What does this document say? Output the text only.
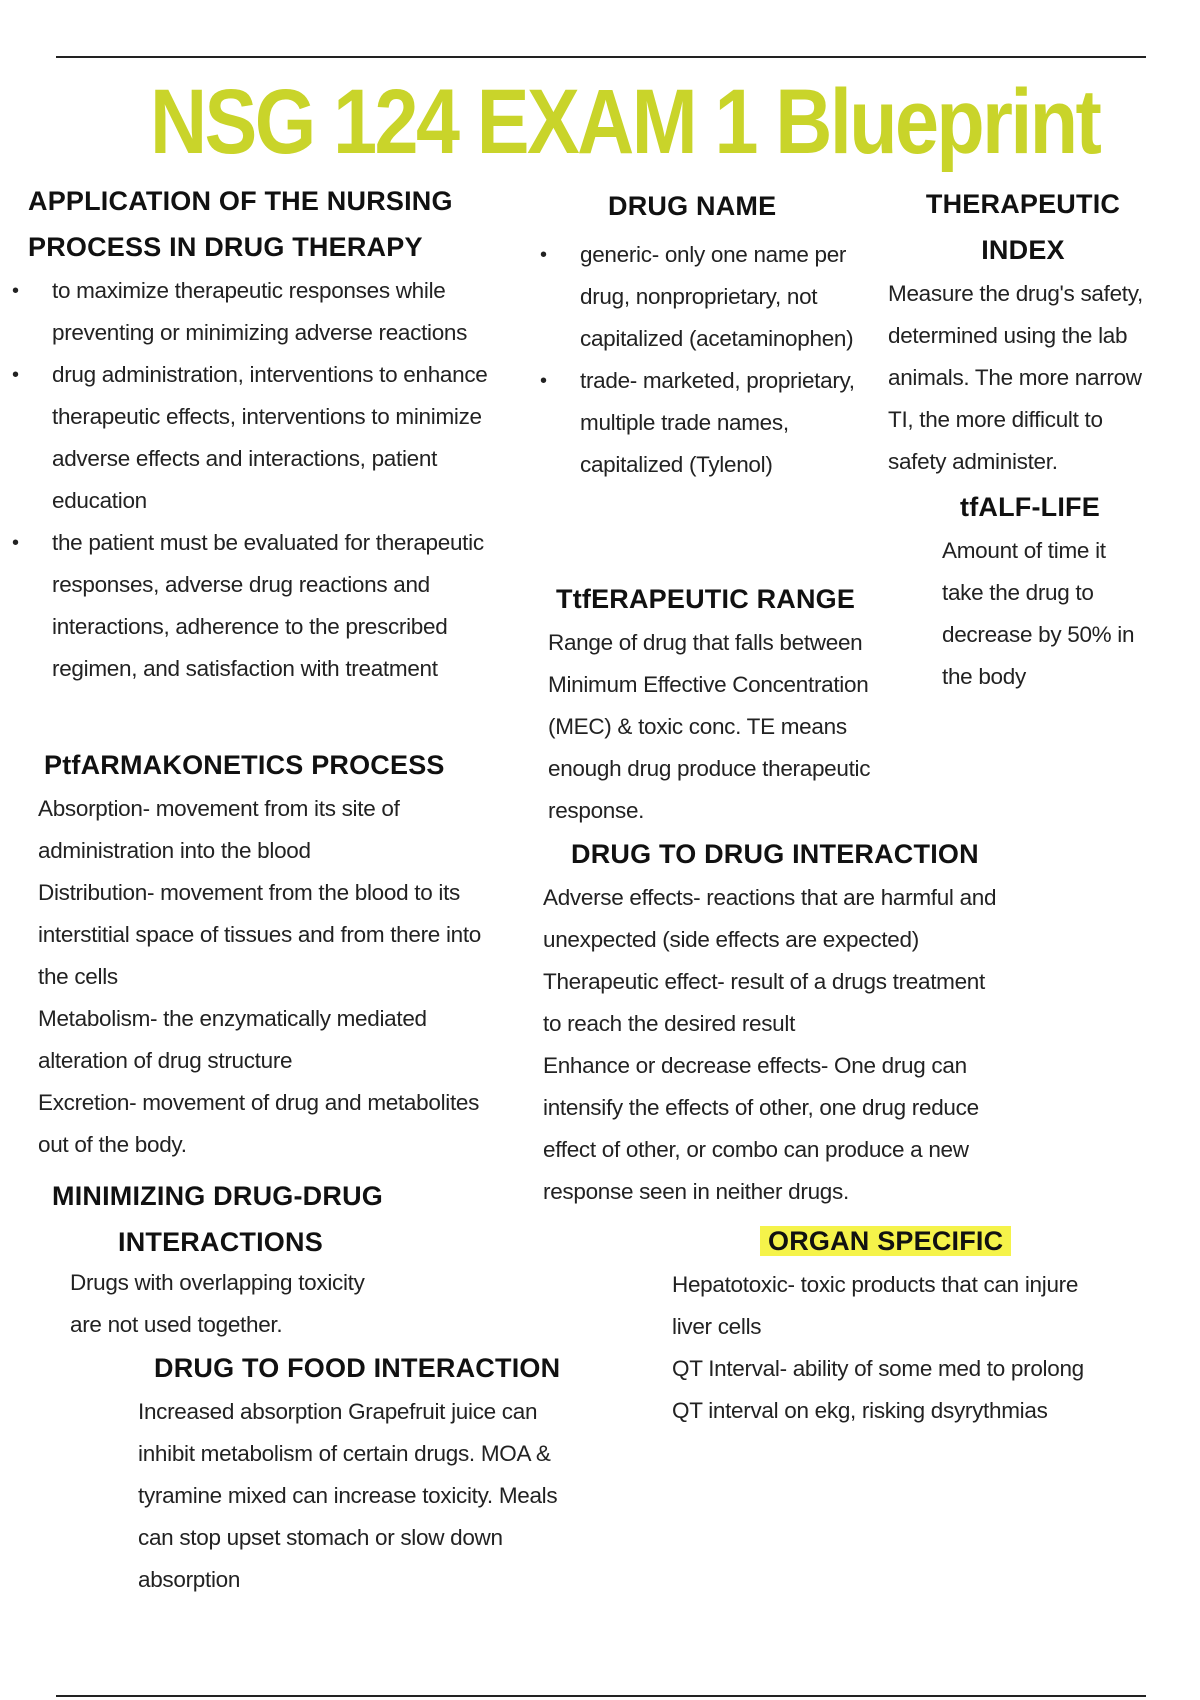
NSG 124 EXAM 1 Blueprint
APPLICATION OF THE NURSING
PROCESS IN DRUG THERAPY
• to maximize therapeutic responses while preventing or minimizing adverse reactions
• drug administration, interventions to enhance therapeutic effects, interventions to minimize adverse effects and interactions, patient education
• the patient must be evaluated for therapeutic responses, adverse drug reactions and interactions, adherence to the prescribed regimen, and satisfaction with treatment
DRUG NAME
• generic- only one name per drug, nonproprietary, not capitalized (acetaminophen)
• trade- marketed, proprietary, multiple trade names, capitalized (Tylenol)
THERAPEUTIC
INDEX
Measure the drug's safety, determined using the lab animals. The more narrow TI, the more difficult to safety administer.
tfALF-LIFE
Amount of time it take the drug to decrease by 50% in the body
TtfERAPEUTIC RANGE
Range of drug that falls between Minimum Effective Concentration (MEC) & toxic conc. TE means enough drug produce therapeutic response.
PtfARMAKONETICS PROCESS
Absorption- movement from its site of administration into the blood
Distribution- movement from the blood to its interstitial space of tissues and from there into the cells
Metabolism- the enzymatically mediated alteration of drug structure
Excretion- movement of drug and metabolites out of the body.
DRUG TO DRUG INTERACTION
Adverse effects- reactions that are harmful and unexpected (side effects are expected)
Therapeutic effect- result of a drugs treatment to reach the desired result
Enhance or decrease effects- One drug can intensify the effects of other, one drug reduce effect of other, or combo can produce a new response seen in neither drugs.
MINIMIZING DRUG-DRUG
INTERACTIONS
Drugs with overlapping toxicity are not used together.
ORGAN SPECIFIC
Hepatotoxic- toxic products that can injure liver cells
QT Interval- ability of some med to prolong QT interval on ekg, risking dsyrythmias
DRUG TO FOOD INTERACTION
Increased absorption Grapefruit juice can inhibit metabolism of certain drugs. MOA & tyramine mixed can increase toxicity. Meals can stop upset stomach or slow down absorption
